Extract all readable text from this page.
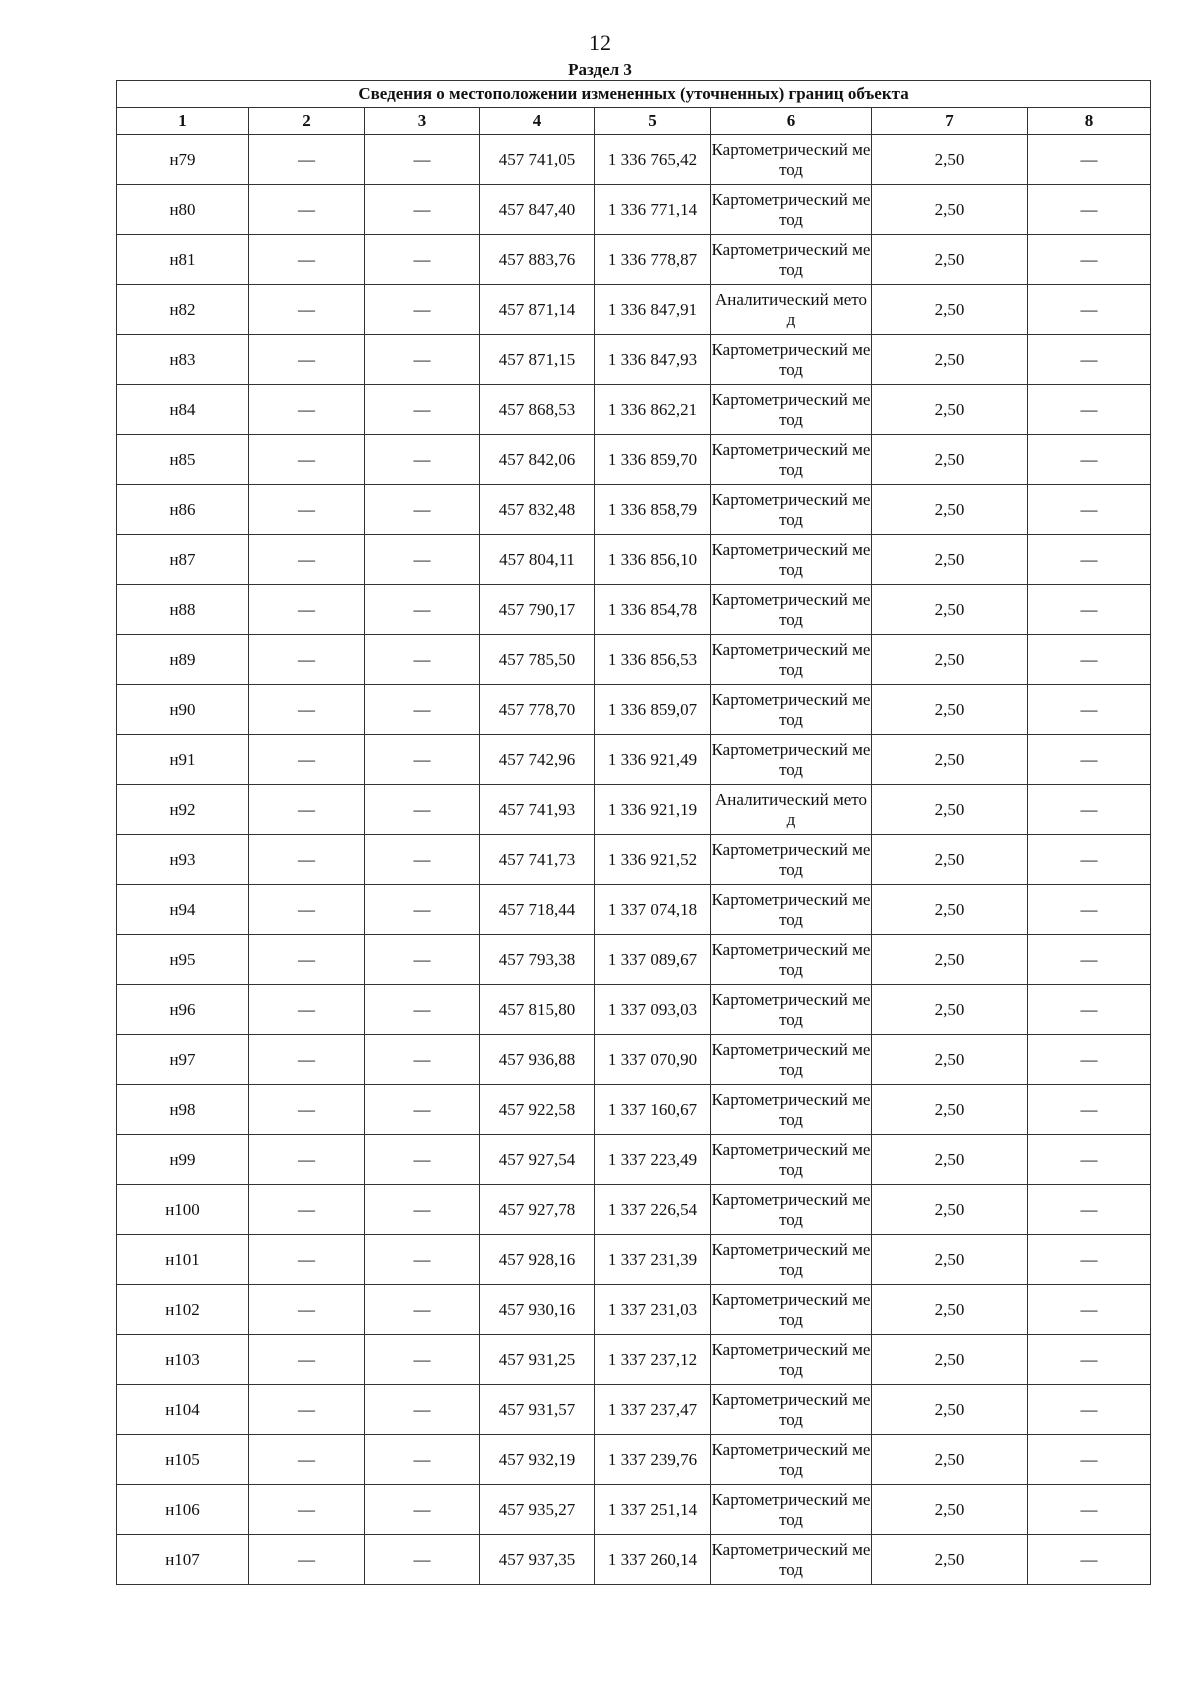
12
Раздел 3
Сведения о местоположении измененных (уточненных) границ объекта							
1	2	3	4	5	6	7	8
н79	—	—	457 741,05	1 336 765,42	Картометрический метод	2,50	—
н80	—	—	457 847,40	1 336 771,14	Картометрический метод	2,50	—
н81	—	—	457 883,76	1 336 778,87	Картометрический метод	2,50	—
н82	—	—	457 871,14	1 336 847,91	Аналитический метод	2,50	—
н83	—	—	457 871,15	1 336 847,93	Картометрический метод	2,50	—
н84	—	—	457 868,53	1 336 862,21	Картометрический метод	2,50	—
н85	—	—	457 842,06	1 336 859,70	Картометрический метод	2,50	—
н86	—	—	457 832,48	1 336 858,79	Картометрический метод	2,50	—
н87	—	—	457 804,11	1 336 856,10	Картометрический метод	2,50	—
н88	—	—	457 790,17	1 336 854,78	Картометрический метод	2,50	—
н89	—	—	457 785,50	1 336 856,53	Картометрический метод	2,50	—
н90	—	—	457 778,70	1 336 859,07	Картометрический метод	2,50	—
н91	—	—	457 742,96	1 336 921,49	Картометрический метод	2,50	—
н92	—	—	457 741,93	1 336 921,19	Аналитический метод	2,50	—
н93	—	—	457 741,73	1 336 921,52	Картометрический метод	2,50	—
н94	—	—	457 718,44	1 337 074,18	Картометрический метод	2,50	—
н95	—	—	457 793,38	1 337 089,67	Картометрический метод	2,50	—
н96	—	—	457 815,80	1 337 093,03	Картометрический метод	2,50	—
н97	—	—	457 936,88	1 337 070,90	Картометрический метод	2,50	—
н98	—	—	457 922,58	1 337 160,67	Картометрический метод	2,50	—
н99	—	—	457 927,54	1 337 223,49	Картометрический метод	2,50	—
н100	—	—	457 927,78	1 337 226,54	Картометрический метод	2,50	—
н101	—	—	457 928,16	1 337 231,39	Картометрический метод	2,50	—
н102	—	—	457 930,16	1 337 231,03	Картометрический метод	2,50	—
н103	—	—	457 931,25	1 337 237,12	Картометрический метод	2,50	—
н104	—	—	457 931,57	1 337 237,47	Картометрический метод	2,50	—
н105	—	—	457 932,19	1 337 239,76	Картометрический метод	2,50	—
н106	—	—	457 935,27	1 337 251,14	Картометрический метод	2,50	—
н107	—	—	457 937,35	1 337 260,14	Картометрический метод	2,50	—
